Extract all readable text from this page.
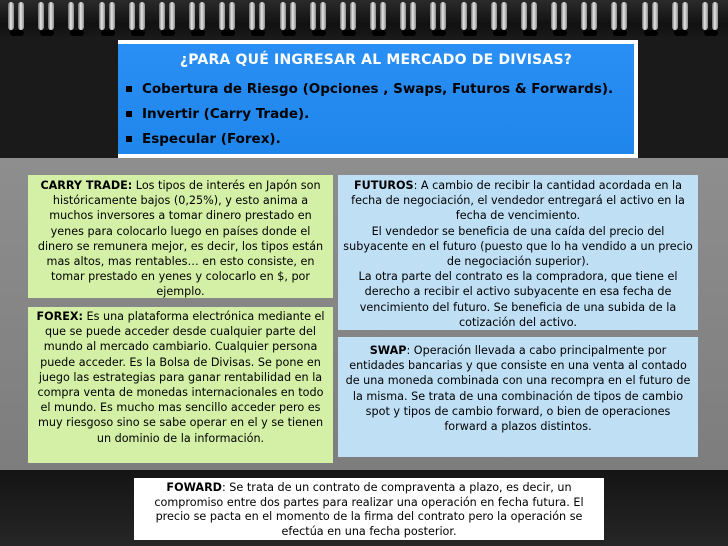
¿PARA QUÉ INGRESAR AL MERCADO DE DIVISAS?
Cobertura de Riesgo (Opciones , Swaps, Futuros & Forwards).
Invertir (Carry Trade).
Especular (Forex).
CARRY TRADE: Los tipos de interés en Japón son históricamente bajos (0,25%), y esto anima a muchos inversores a tomar dinero prestado en yenes para colocarlo luego en países donde el dinero se remunera mejor, es decir, los tipos están mas altos, mas rentables… en esto consiste, en tomar prestado en yenes y colocarlo en $, por ejemplo.
FOREX: Es una plataforma electrónica mediante el que se puede acceder desde cualquier parte del mundo al mercado cambiario. Cualquier persona puede acceder. Es la Bolsa de Divisas. Se pone en juego las estrategias para ganar rentabilidad en la compra venta de monedas internacionales en todo el mundo. Es mucho mas sencillo acceder pero es muy riesgoso sino se sabe operar en el y se tienen un dominio de la información.
FUTUROS: A cambio de recibir la cantidad acordada en la fecha de negociación, el vendedor entregará el activo en la fecha de vencimiento.
El vendedor se beneficia de una caída del precio del subyacente en el futuro (puesto que lo ha vendido a un precio de negociación superior).
La otra parte del contrato es la compradora, que tiene el derecho a recibir el activo subyacente en esa fecha de vencimiento del futuro. Se beneficia de una subida de la cotización del activo.
SWAP: Operación llevada a cabo principalmente por entidades bancarias y que consiste en una venta al contado de una moneda combinada con una recompra en el futuro de la misma. Se trata de una combinación de tipos de cambio spot y tipos de cambio forward, o bien de operaciones forward a plazos distintos.
FOWARD: Se trata de un contrato de compraventa a plazo, es decir, un compromiso entre dos partes para realizar una operación en fecha futura. El precio se pacta en el momento de la firma del contrato pero la operación se efectúa en una fecha posterior.
